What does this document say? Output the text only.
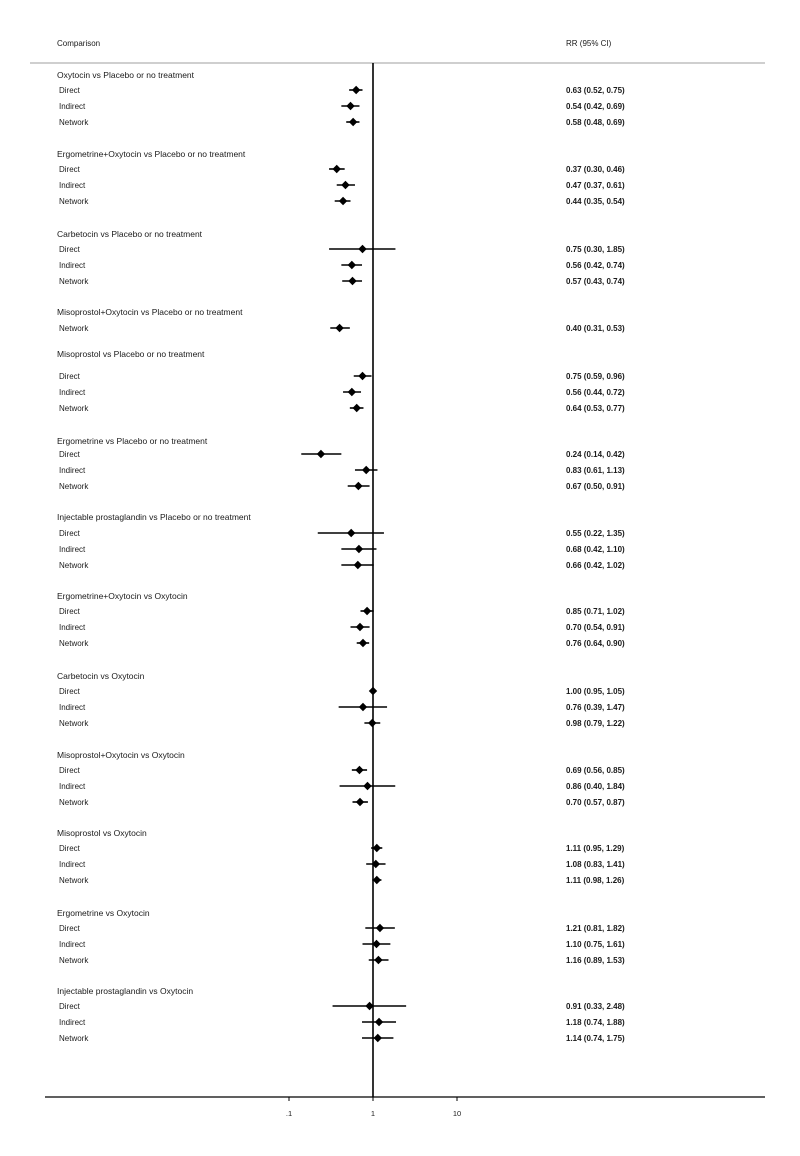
Comparison	RR (95% CI)
Oxytocin vs Placebo or no treatment
Direct	0.63 (0.52, 0.75)
Indirect	0.54 (0.42, 0.69)
Network	0.58 (0.48, 0.69)
Ergometrine+Oxytocin vs Placebo or no treatment
Direct	0.37 (0.30, 0.46)
Indirect	0.47 (0.37, 0.61)
Network	0.44 (0.35, 0.54)
Carbetocin vs Placebo or no treatment
Direct	0.75 (0.30, 1.85)
Indirect	0.56 (0.42, 0.74)
Network	0.57 (0.43, 0.74)
Misoprostol+Oxytocin vs Placebo or no treatment
Network	0.40 (0.31, 0.53)
Misoprostol vs Placebo or no treatment
Direct	0.75 (0.59, 0.96)
Indirect	0.56 (0.44, 0.72)
Network	0.64 (0.53, 0.77)
Ergometrine vs Placebo or no treatment
Direct	0.24 (0.14, 0.42)
Indirect	0.83 (0.61, 1.13)
Network	0.67 (0.50, 0.91)
Injectable prostaglandin vs Placebo or no treatment
Direct	0.55 (0.22, 1.35)
Indirect	0.68 (0.42, 1.10)
Network	0.66 (0.42, 1.02)
Ergometrine+Oxytocin vs Oxytocin
Direct	0.85 (0.71, 1.02)
Indirect	0.70 (0.54, 0.91)
Network	0.76 (0.64, 0.90)
Carbetocin vs Oxytocin
Direct	1.00 (0.95, 1.05)
Indirect	0.76 (0.39, 1.47)
Network	0.98 (0.79, 1.22)
Misoprostol+Oxytocin vs Oxytocin
Direct	0.69 (0.56, 0.85)
Indirect	0.86 (0.40, 1.84)
Network	0.70 (0.57, 0.87)
Misoprostol vs Oxytocin
Direct	1.11 (0.95, 1.29)
Indirect	1.08 (0.83, 1.41)
Network	1.11 (0.98, 1.26)
Ergometrine vs Oxytocin
Direct	1.21 (0.81, 1.82)
Indirect	1.10 (0.75, 1.61)
Network	1.16 (0.89, 1.53)
Injectable prostaglandin vs Oxytocin
Direct	0.91 (0.33, 2.48)
Indirect	1.18 (0.74, 1.88)
Network	1.14 (0.74, 1.75)
.1	1	10
